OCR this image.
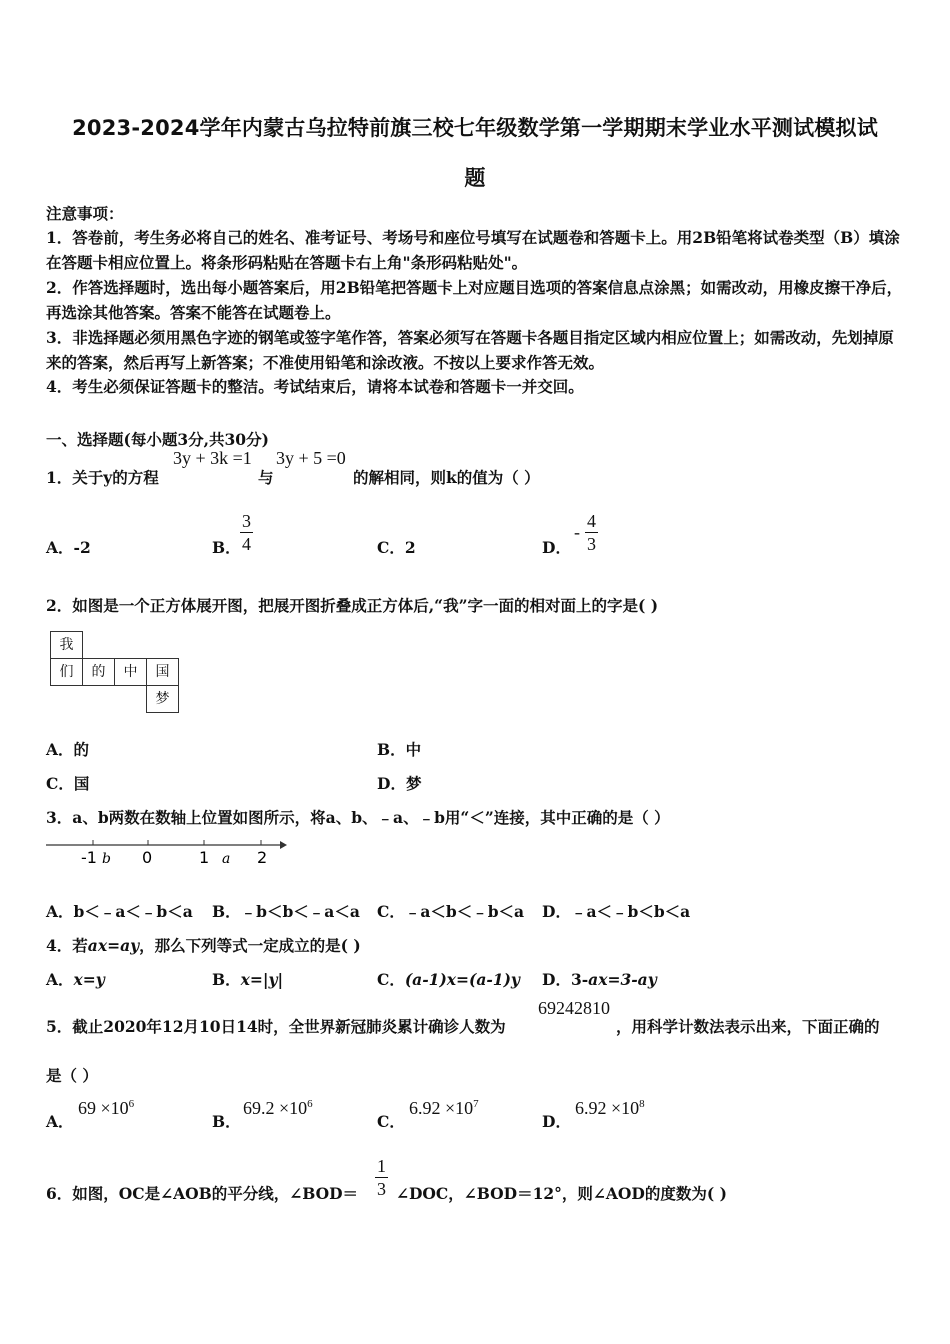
2023-2024学年内蒙古乌拉特前旗三校七年级数学第一学期期末学业水平测试模拟试
题
注意事项：
1．答卷前，考生务必将自己的姓名、准考证号、考场号和座位号填写在试题卷和答题卡上。用2B铅笔将试卷类型（B）填涂在答题卡相应位置上。将条形码粘贴在答题卡右上角"条形码粘贴处"。
2．作答选择题时，选出每小题答案后，用2B铅笔把答题卡上对应题目选项的答案信息点涂黑；如需改动，用橡皮擦干净后，再选涂其他答案。答案不能答在试题卷上。
3．非选择题必须用黑色字迹的钢笔或签字笔作答，答案必须写在答题卡各题目指定区域内相应位置上；如需改动，先划掉原来的答案，然后再写上新答案；不准使用铅笔和涂改液。不按以上要求作答无效。
4．考生必须保证答题卡的整洁。考试结束后，请将本试卷和答题卡一并交回。
一、选择题(每小题3分,共30分)
1．关于y的方程
3y + 3k =1
与
3y + 5 =0
的解相同，则k的值为（ ）
A．-2	B． $\frac{3}{4}$	C．2	D．
- $\frac{4}{3}$
2．如图是一个正方体展开图，把展开图折叠成正方体后,“我”字一面的相对面上的字是( )
我
们	的	中	国
梦
A．的	B．中
C．国	D．梦
3．a、b两数在数轴上位置如图所示，将a、b、﹣a、﹣b用“＜”连接，其中正确的是（ ）
-1 b 0	1 a 2
A．b＜﹣a＜﹣b＜a B．﹣b＜b＜﹣a＜a C．﹣a＜b＜﹣b＜a D．﹣a＜﹣b＜b＜a
4．若ax=ay，那么下列等式一定成立的是( )
A．x=y	B．x=|y|	C．(a-1)x=(a-1)y D．3-ax=3-ay
5．截止2020年12月10日14时，全世界新冠肺炎累计确诊人数为
69242810
，用科学计数法表示出来，下面正确的
是（ ）
A．
$69 \times 10^6$
B．
$69.2 \times 10^6$
C．
$6.92 \times 10^7$
D．
$6.92 \times 10^8$
6．如图，OC是∠AOB的平分线，∠BOD＝ $\frac{1}{3}$ ∠DOC，∠BOD＝12°，则∠AOD的度数为( )
